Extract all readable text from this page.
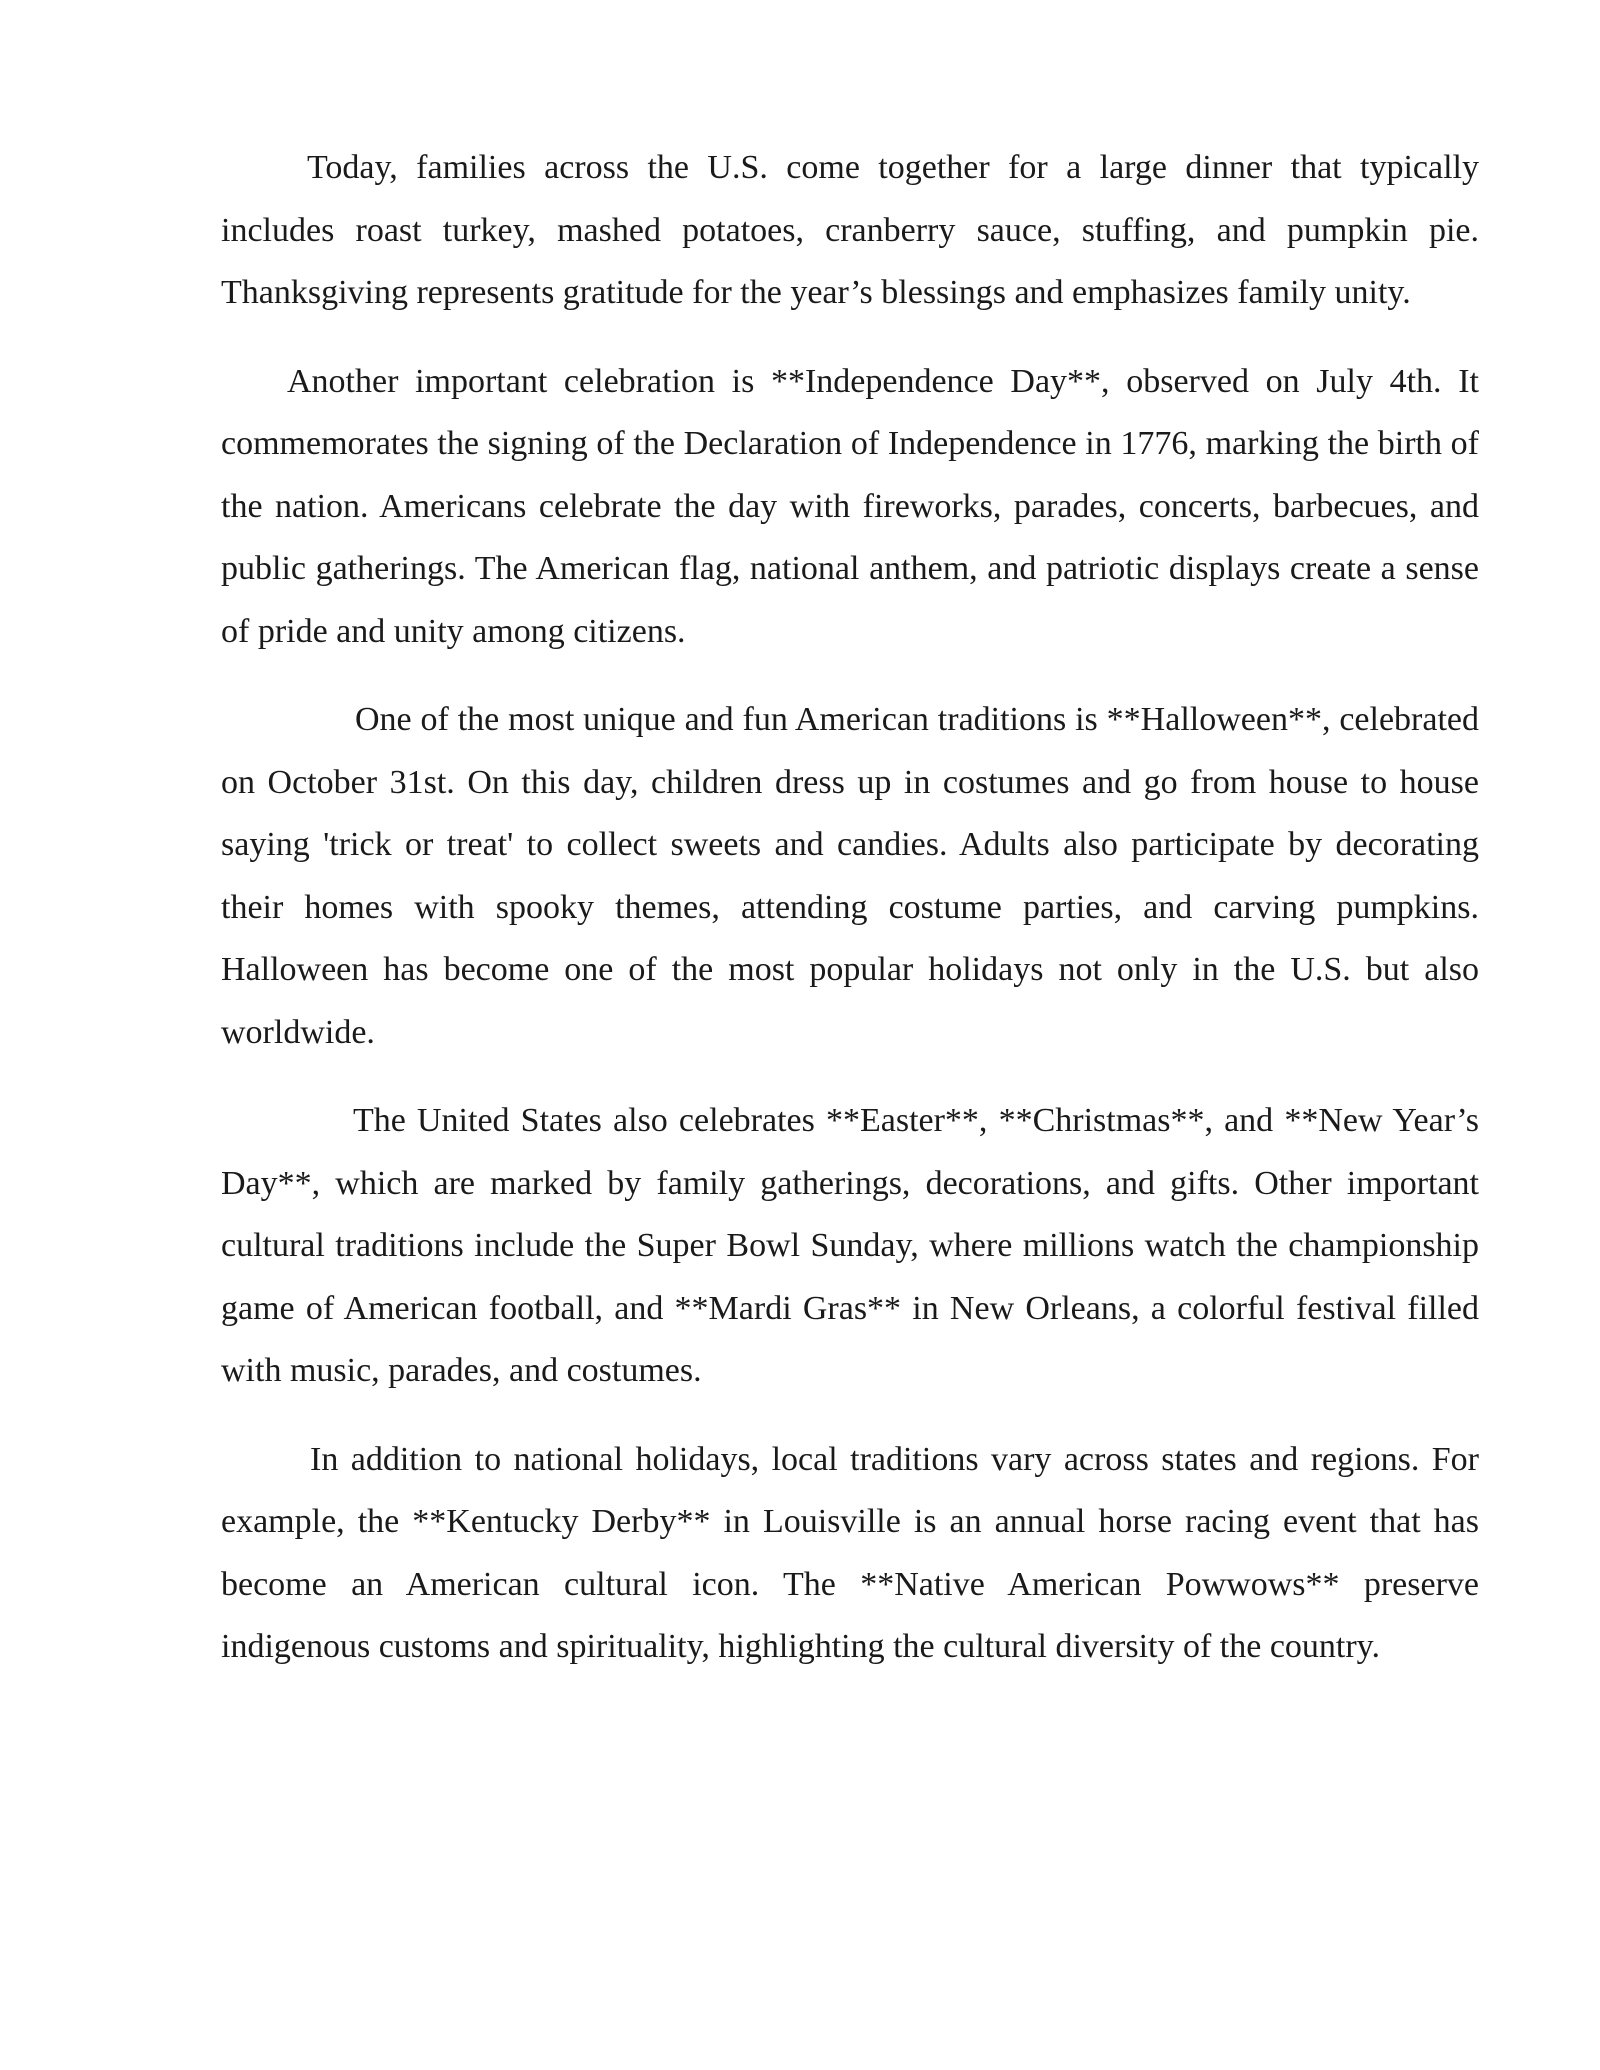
Today, families across the U.S. come together for a large dinner that typically includes roast turkey, mashed potatoes, cranberry sauce, stuffing, and pumpkin pie. Thanksgiving represents gratitude for the year’s blessings and emphasizes family unity.

Another important celebration is **Independence Day**, observed on July 4th. It commemorates the signing of the Declaration of Independence in 1776, marking the birth of the nation. Americans celebrate the day with fireworks, parades, concerts, barbecues, and public gatherings. The American flag, national anthem, and patriotic displays create a sense of pride and unity among citizens.

One of the most unique and fun American traditions is **Halloween**, celebrated on October 31st. On this day, children dress up in costumes and go from house to house saying 'trick or treat' to collect sweets and candies. Adults also participate by decorating their homes with spooky themes, attending costume parties, and carving pumpkins. Halloween has become one of the most popular holidays not only in the U.S. but also worldwide.

The United States also celebrates **Easter**, **Christmas**, and **New Year’s Day**, which are marked by family gatherings, decorations, and gifts. Other important cultural traditions include the Super Bowl Sunday, where millions watch the championship game of American football, and **Mardi Gras** in New Orleans, a colorful festival filled with music, parades, and costumes.

In addition to national holidays, local traditions vary across states and regions. For example, the **Kentucky Derby** in Louisville is an annual horse racing event that has become an American cultural icon. The **Native American Powwows** preserve indigenous customs and spirituality, highlighting the cultural diversity of the country.
